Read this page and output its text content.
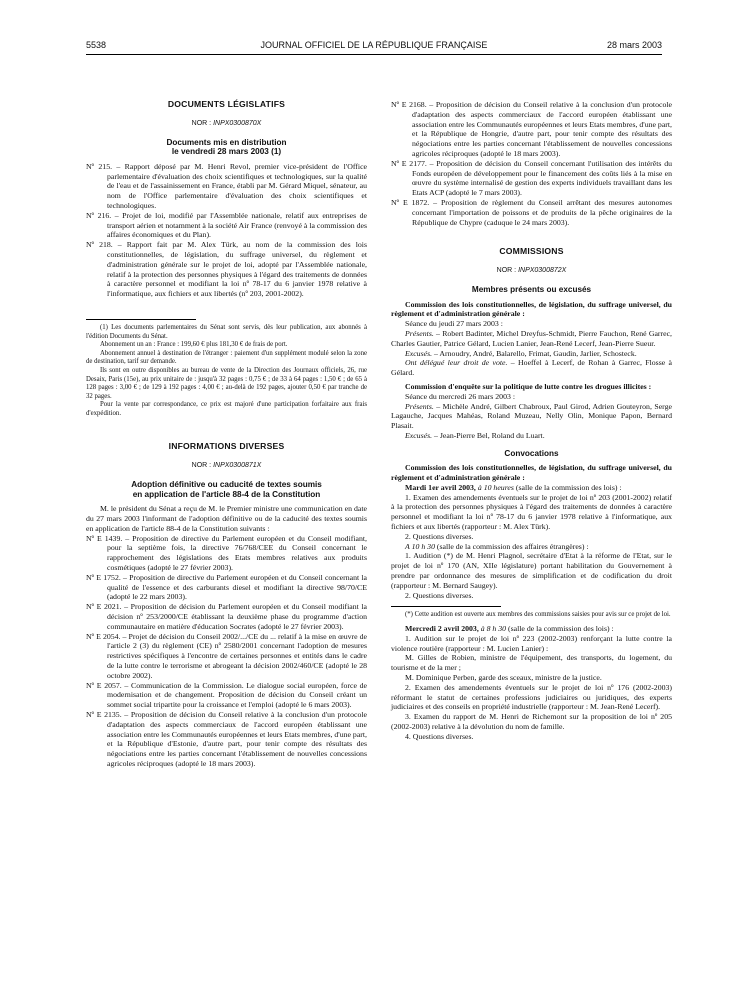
5538	JOURNAL OFFICIEL DE LA RÉPUBLIQUE FRANÇAISE	28 mars 2003
DOCUMENTS LÉGISLATIFS
NOR : INPX0300870X
Documents mis en distribution
le vendredi 28 mars 2003 (1)

Nº 215. – Rapport déposé par M. Henri Revol, premier vice-président de l'Office parlementaire d'évaluation des choix scientifiques et technologiques, sur la qualité de l'eau et de l'assainissement en France, établi par M. Gérard Miquel, sénateur, au nom de l'Office parlementaire d'évaluation des choix scientifiques et technologiques.

Nº 216. – Projet de loi, modifié par l'Assemblée nationale, relatif aux entreprises de transport aérien et notamment à la société Air France (renvoyé à la commission des affaires économiques et du Plan).

Nº 218. – Rapport fait par M. Alex Türk, au nom de la commission des lois constitutionnelles, de législation, du suffrage universel, du règlement et d'administration générale sur le projet de loi, adopté par l'Assemblée nationale, relatif à la protection des personnes physiques à l'égard des traitements de données à caractère personnel et modifiant la loi nº 78-17 du 6 janvier 1978 relative à l'informatique, aux fichiers et aux libertés (nº 203, 2001-2002).

(1) Les documents parlementaires du Sénat sont servis, dès leur publication, aux abonnés à l'édition Documents du Sénat.

Abonnement un an : France : 199,60 € plus 181,30 € de frais de port.

Abonnement annuel à destination de l'étranger : paiement d'un supplément modulé selon la zone de destination, tarif sur demande.

Ils sont en outre disponibles au bureau de vente de la Direction des Journaux officiels, 26, rue Desaix, Paris (15e), au prix unitaire de : jusqu'à 32 pages : 0,75 € ; de 33 à 64 pages : 1,50 € ; de 65 à 128 pages : 3,00 € ; de 129 à 192 pages : 4,00 € ; au-delà de 192 pages, ajouter 0,50 € par tranche de 32 pages.

Pour la vente par correspondance, ce prix est majoré d'une participation forfaitaire aux frais d'expédition.

INFORMATIONS DIVERSES
NOR : INPX0300871X
Adoption définitive ou caducité de textes soumis
en application de l'article 88-4 de la Constitution

M. le président du Sénat a reçu de M. le Premier ministre une communication en date du 27 mars 2003 l'informant de l'adoption définitive ou de la caducité des textes soumis en application de l'article 88-4 de la Constitution suivants :

Nº E 1439. – Proposition de directive du Parlement européen et du Conseil modifiant, pour la septième fois, la directive 76/768/CEE du Conseil concernant le rapprochement des législations des Etats membres relatives aux produits cosmétiques (adopté le 27 février 2003).

Nº E 1752. – Proposition de directive du Parlement européen et du Conseil concernant la qualité de l'essence et des carburants diesel et modifiant la directive 98/70/CE (adopté le 22 mars 2003).

Nº E 2021. – Proposition de décision du Parlement européen et du Conseil modifiant la décision nº 253/2000/CE établissant la deuxième phase du programme d'action communautaire en matière d'éducation Socrates (adopté le 27 février 2003).

Nº E 2054. – Projet de décision du Conseil 2002/.../CE du ... relatif à la mise en œuvre de l'article 2 (3) du règlement (CE) nº 2580/2001 concernant l'adoption de mesures restrictives spécifiques à l'encontre de certaines personnes et entités dans le cadre de la lutte contre le terrorisme et abrogeant la décision 2002/460/CE (adopté le 28 octobre 2002).

Nº E 2057. – Communication de la Commission. Le dialogue social européen, force de modernisation et de changement. Proposition de décision du Conseil créant un sommet social tripartite pour la croissance et l'emploi (adopté le 6 mars 2003).

Nº E 2135. – Proposition de décision du Conseil relative à la conclusion d'un protocole d'adaptation des aspects commerciaux de l'accord européen établissant une association entre les Communautés européennes et leurs Etats membres, d'une part, et la République d'Estonie, d'autre part, pour tenir compte des résultats des négociations entre les parties concernant l'établissement de nouvelles concessions agricoles réciproques (adopté le 18 mars 2003).

Nº E 2168. – Proposition de décision du Conseil relative à la conclusion d'un protocole d'adaptation des aspects commerciaux de l'accord européen établissant une association entre les Communautés européennes et leurs Etats membres, d'une part, et la République de Hongrie, d'autre part, pour tenir compte des résultats des négociations entre les parties concernant l'établissement de nouvelles concessions agricoles réciproques (adopté le 18 mars 2003).

Nº E 2177. – Proposition de décision du Conseil concernant l'utilisation des intérêts du Fonds européen de développement pour le financement des coûts liés à la mise en œuvre du système internalisé de gestion des experts individuels travaillant dans les Etats ACP (adopté le 7 mars 2003).

Nº E 1872. – Proposition de règlement du Conseil arrêtant des mesures autonomes concernant l'importation de poissons et de produits de la pêche originaires de la République de Chypre (caduque le 24 mars 2003).

COMMISSIONS
NOR : INPX0300872X
Membres présents ou excusés

Commission des lois constitutionnelles, de législation, du suffrage universel, du règlement et d'administration générale :

Séance du jeudi 27 mars 2003 :

Présents. – Robert Badinter, Michel Dreyfus-Schmidt, Pierre Fauchon, René Garrec, Charles Gautier, Patrice Gélard, Lucien Lanier, Jean-René Lecerf, Jean-Pierre Sueur.

Excusés. – Arnoudry, André, Balarello, Frimat, Gaudin, Jarlier, Schosteck.

Ont délégué leur droit de vote. – Hoeffel à Lecerf, de Rohan à Garrec, Flosse à Gélard.

Commission d'enquête sur la politique de lutte contre les drogues illicites :

Séance du mercredi 26 mars 2003 :

Présents. – Michèle André, Gilbert Chabroux, Paul Girod, Adrien Gouteyron, Serge Lagauche, Jacques Mahéas, Roland Muzeau, Nelly Olin, Monique Papon, Bernard Plasait.

Excusés. – Jean-Pierre Bel, Roland du Luart.

Convocations

Commission des lois constitutionnelles, de législation, du suffrage universel, du règlement et d'administration générale :

Mardi 1er avril 2003, à 10 heures (salle de la commission des lois) :

1. Examen des amendements éventuels sur le projet de loi nº 203 (2001-2002) relatif à la protection des personnes physiques à l'égard des traitements de données à caractère personnel et modifiant la loi nº 78-17 du 6 janvier 1978 relative à l'informatique, aux fichiers et aux libertés (rapporteur : M. Alex Türk).

2. Questions diverses.

A 10 h 30 (salle de la commission des affaires étrangères) :

1. Audition (*) de M. Henri Plagnol, secrétaire d'Etat à la réforme de l'Etat, sur le projet de loi nº 170 (AN, XIIe législature) portant habilitation du Gouvernement à prendre par ordonnance des mesures de simplification et de codification du droit (rapporteur : M. Bernard Saugey).

2. Questions diverses.

(*) Cette audition est ouverte aux membres des commissions saisies pour avis sur ce projet de loi.

Mercredi 2 avril 2003, à 8 h 30 (salle de la commission des lois) :

1. Audition sur le projet de loi nº 223 (2002-2003) renforçant la lutte contre la violence routière (rapporteur : M. Lucien Lanier) :

M. Gilles de Robien, ministre de l'équipement, des transports, du logement, du tourisme et de la mer ;

M. Dominique Perben, garde des sceaux, ministre de la justice.

2. Examen des amendements éventuels sur le projet de loi nº 176 (2002-2003) réformant le statut de certaines professions judiciaires ou juridiques, des experts judiciaires et des conseils en propriété industrielle (rapporteur : M. Jean-René Lecerf).

3. Examen du rapport de M. Henri de Richemont sur la proposition de loi nº 205 (2002-2003) relative à la dévolution du nom de famille.

4. Questions diverses.
